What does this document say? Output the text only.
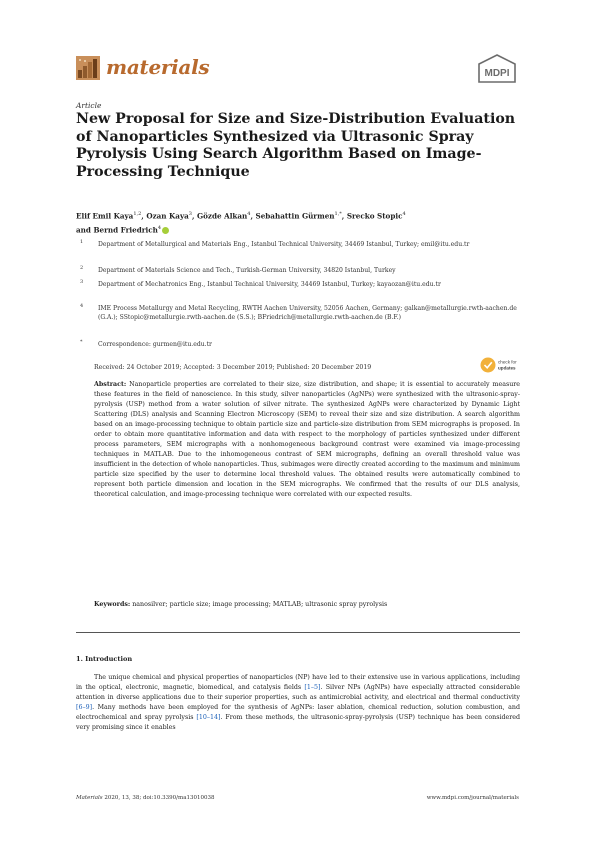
materials	MDPI
Article
New Proposal for Size and Size-Distribution Evaluation of Nanoparticles Synthesized via Ultrasonic Spray Pyrolysis Using Search Algorithm Based on Image-Processing Technique
Elif Emil Kaya$^{1,2}$, Ozan Kaya$^3$, Gözde Alkan$^4$, Sebahattin Gürmen$^{1,*}$, Srecko Stopic$^4$
and Bernd Friedrich$^4$
1 Department of Metallurgical and Materials Eng., Istanbul Technical University, 34469 Istanbul, Turkey; emil@itu.edu.tr
2 Department of Materials Science and Tech., Turkish-German University, 34820 Istanbul, Turkey
3 Department of Mechatronics Eng., Istanbul Technical University, 34469 Istanbul, Turkey; kayaozan@itu.edu.tr
4 IME Process Metallurgy and Metal Recycling, RWTH Aachen University, 52056 Aachen, Germany; galkan@metallurgie.rwth-aachen.de (G.A.); SStopic@metallurgie.rwth-aachen.de (S.S.); BFriedrich@metallurgie.rwth-aachen.de (B.F.)
*	Correspondence: gurmen@itu.edu.tr
Received: 24 October 2019; Accepted: 3 December 2019; Published: 20 December 2019
check for
updates
Abstract: Nanoparticle properties are correlated to their size, size distribution, and shape; it is essential to accurately measure these features in the field of nanoscience. In this study, silver nanoparticles (AgNPs) were synthesized with the ultrasonic-spray-pyrolysis (USP) method from a water solution of silver nitrate. The synthesized AgNPs were characterized by Dynamic Light Scattering (DLS) analysis and Scanning Electron Microscopy (SEM) to reveal their size and size distribution. A search algorithm based on an image-processing technique to obtain particle size and particle-size distribution from SEM micrographs is proposed. In order to obtain more quantitative information and data with respect to the morphology of particles synthesized under different process parameters, SEM micrographs with a nonhomogeneous background contrast were examined via image-processing techniques in MATLAB. Due to the inhomogeneous contrast of SEM micrographs, defining an overall threshold value was insufficient in the detection of whole nanoparticles. Thus, subimages were directly created according to the maximum and minimum particle size specified by the user to determine local threshold values. The obtained results were automatically combined to represent both particle dimension and location in the SEM micrographs. We confirmed that the results of our DLS analysis, theoretical calculation, and image-processing technique were correlated with our expected results.
Keywords: nanosilver; particle size; image processing; MATLAB; ultrasonic spray pyrolysis
1. Introduction
The unique chemical and physical properties of nanoparticles (NP) have led to their extensive use in various applications, including in the optical, electronic, magnetic, biomedical, and catalysis fields [1–5]. Silver NPs (AgNPs) have especially attracted considerable attention in diverse applications due to their superior properties, such as antimicrobial activity, and electrical and thermal conductivity [6–9]. Many methods have been employed for the synthesis of AgNPs: laser ablation, chemical reduction, solution combustion, and electrochemical and spray pyrolysis [10–14]. From these methods, the ultrasonic-spray-pyrolysis (USP) technique has been considered very promising since it enables
Materials 2020, 13, 38; doi:10.3390/ma13010038	www.mdpi.com/journal/materials
